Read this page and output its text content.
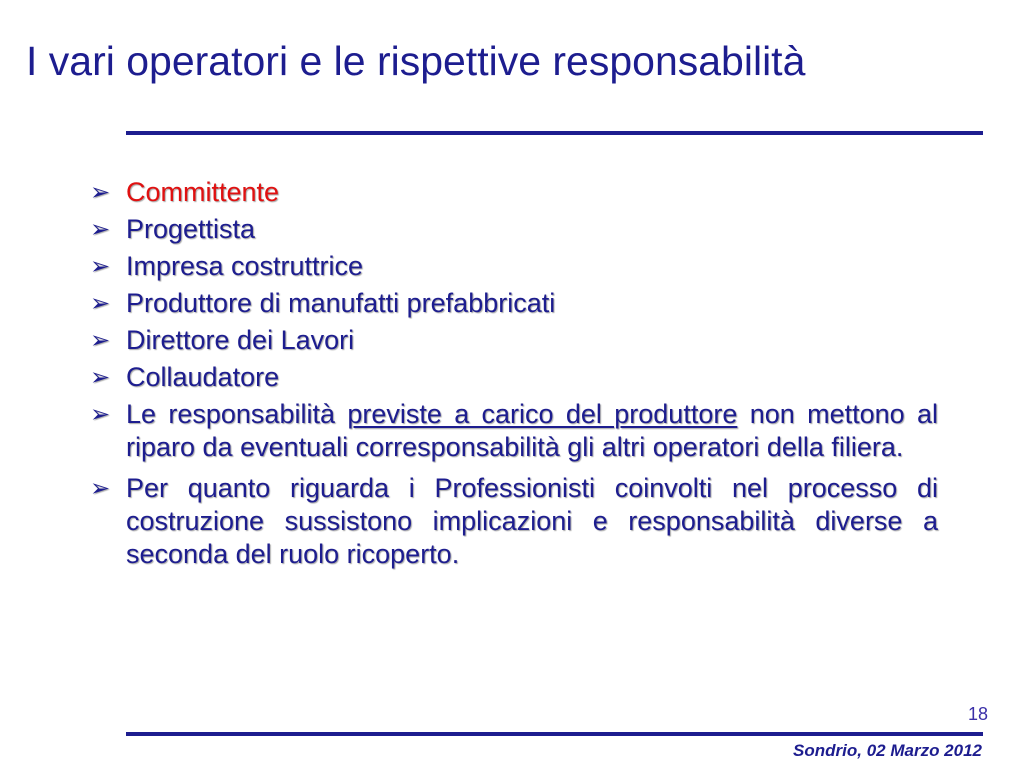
I vari operatori e le rispettive responsabilità
➢ Committente
➢ Progettista
➢ Impresa costruttrice
➢ Produttore di manufatti prefabbricati
➢ Direttore dei Lavori
➢ Collaudatore
➢ Le responsabilità previste a carico del produttore non mettono al riparo da eventuali corresponsabilità gli altri operatori della filiera.
➢ Per quanto riguarda i Professionisti coinvolti nel processo di costruzione sussistono implicazioni e responsabilità diverse a seconda del ruolo ricoperto.
18
Sondrio, 02 Marzo 2012
